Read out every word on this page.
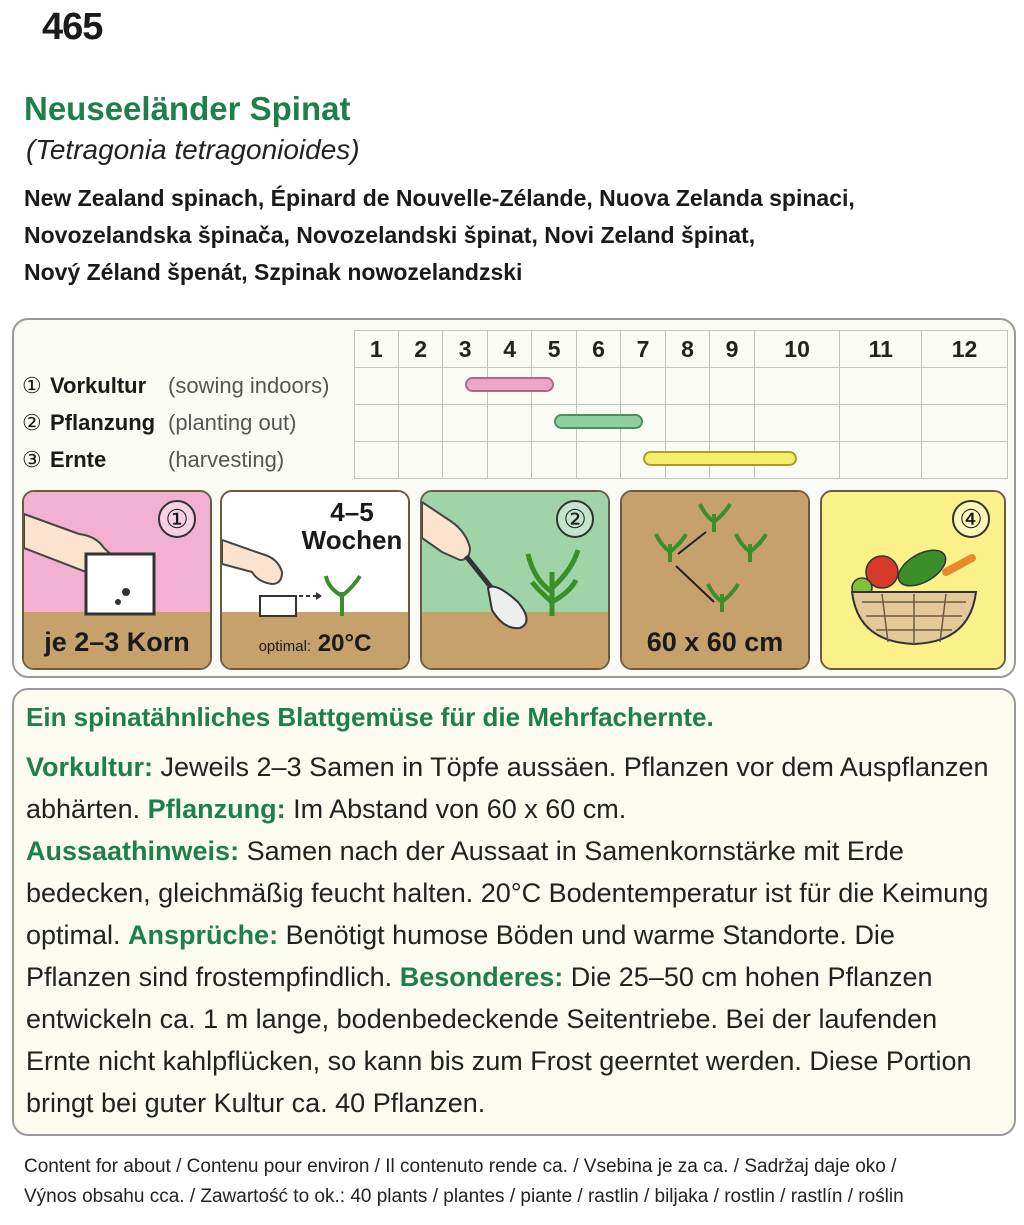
465
Neuseeländer Spinat
(Tetragonia tetragonioides)
New Zealand spinach, Épinard de Nouvelle-Zélande, Nuova Zelanda spinaci,
Novozelandska špinača, Novozelandski špinat, Novi Zeland špinat,
Nový Zéland špenát, Szpinak nowozelandzski
	1	2	3	4	5	6	7	8	9	10	11	12
① Vorkultur (sowing indoors)												
② Pflanzung (planting out)												
③ Ernte (harvesting)												
①
je 2–3 Korn
4–5
Wochen
optimal: 20°C
②
60 x 60 cm
④
Ein spinatähnliches Blattgemüse für die Mehrfachernte.
Vorkultur: Jeweils 2–3 Samen in Töpfe aussäen. Pflanzen vor dem Auspflanzen abhärten. Pflanzung: Im Abstand von 60 x 60 cm.
Aussaathinweis: Samen nach der Aussaat in Samenkornstärke mit Erde bedecken, gleichmäßig feucht halten. 20°C Bodentemperatur ist für die Keimung optimal. Ansprüche: Benötigt humose Böden und warme Standorte. Die Pflanzen sind frostempfindlich. Besonderes: Die 25–50 cm hohen Pflanzen entwickeln ca. 1 m lange, bodenbedeckende Seitentriebe. Bei der laufenden Ernte nicht kahlpflücken, so kann bis zum Frost geerntet werden. Diese Portion bringt bei guter Kultur ca. 40 Pflanzen.
Content for about / Contenu pour environ / Il contenuto rende ca. / Vsebina je za ca. / Sadržaj daje oko /
Výnos obsahu cca. / Zawartość to ok.: 40 plants / plantes / piante / rastlin / biljaka / rostlin / rastlín / roślin
